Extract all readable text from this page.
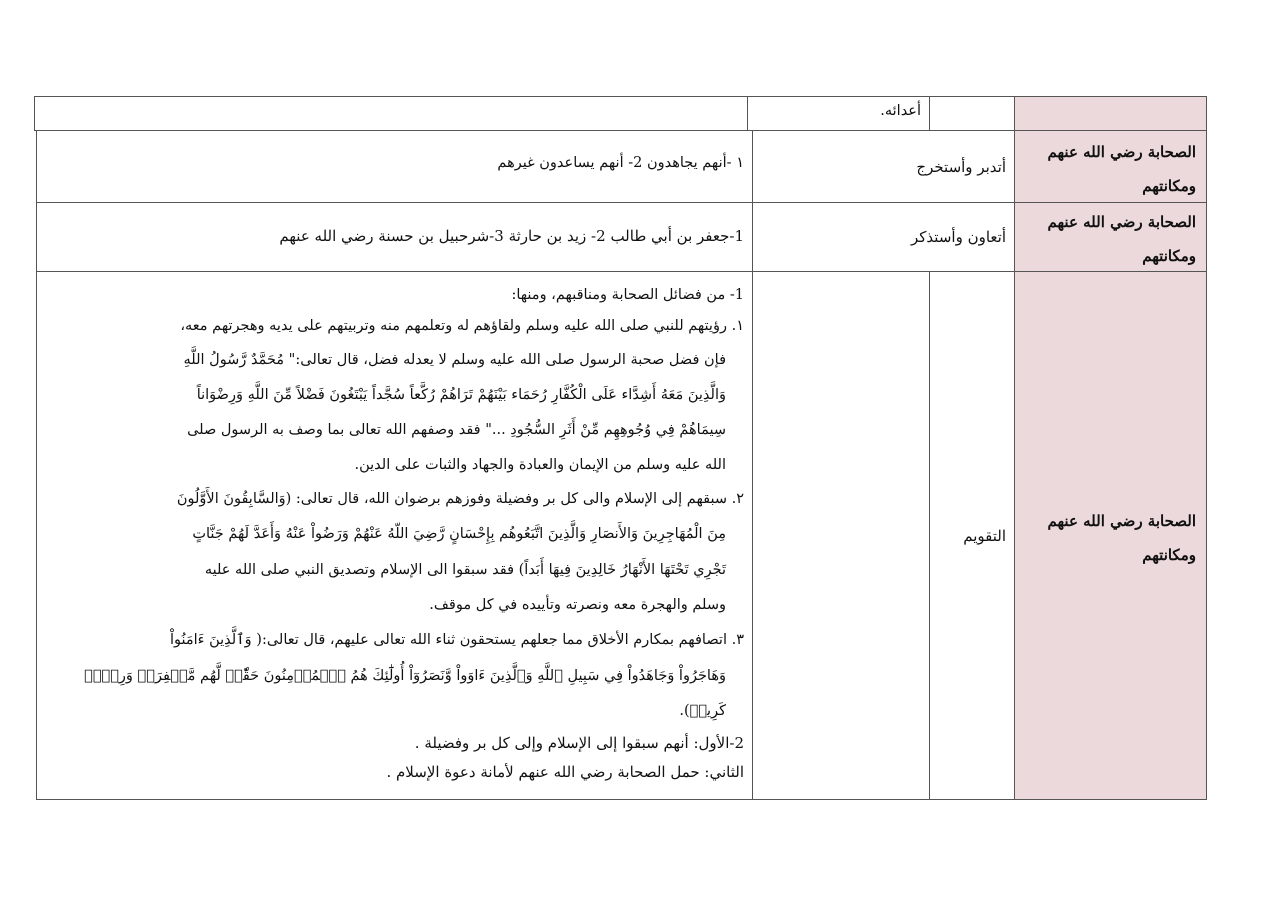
أعدائه.
الصحابة رضي الله عنهم
ومكانتهم
أتدبر وأستخرج
١ -أنهم يجاهدون 2- أنهم يساعدون غيرهم
الصحابة رضي الله عنهم
ومكانتهم
أتعاون وأستذكر
1-جعفر بن أبي طالب 2- زيد بن حارثة 3-شرحبيل بن حسنة رضي الله عنهم
الصحابة رضي الله عنهم
ومكانتهم
التقويم
1- من فضائل الصحابة ومناقبهم، ومنها:
١. رؤيتهم للنبي صلى الله عليه وسلم ولقاؤهم له وتعلمهم منه وتربيتهم على يديه وهجرتهم معه،
فإن فضل صحبة الرسول صلى الله عليه وسلم لا يعدله فضل، قال تعالى:" مُحَمَّدٌ رَّسُولُ اللَّهِ
وَالَّذِينَ مَعَهُ أَشِدَّاء عَلَى الْكُفَّارِ رُحَمَاء بَيْنَهُمْ تَرَاهُمْ رُكَّعاً سُجَّداً يَبْتَغُونَ فَضْلاً مِّنَ اللَّهِ وَرِضْوَاناً
سِيمَاهُمْ فِي وُجُوهِهِم مِّنْ أَثَرِ السُّجُودِ ..." فقد وصفهم الله تعالى بما وصف به الرسول صلى
الله عليه وسلم من الإيمان والعبادة والجهاد والثبات على الدين.
٢. سبقهم إلى الإسلام والى كل بر وفضيلة وفوزهم برضوان الله، قال تعالى: (وَالسَّابِقُونَ الأَوَّلُونَ
مِنَ الْمُهَاجِرِينَ وَالأَنصَارِ وَالَّذِينَ اتَّبَعُوهُم بِإِحْسَانٍ رَّضِيَ اللّهُ عَنْهُمْ وَرَضُواْ عَنْهُ وَأَعَدَّ لَهُمْ جَنَّاتٍ
تَجْرِي تَحْتَهَا الأَنْهَارُ خَالِدِينَ فِيهَا أَبَداً) فقد سبقوا الى الإسلام وتصديق النبي صلى الله عليه
وسلم والهجرة معه ونصرته وتأييده في كل موقف.
٣. اتصافهم بمكارم الأخلاق مما جعلهم يستحقون ثناء الله تعالى عليهم، قال تعالى:( وَٱلَّذِينَ ءَامَنُواْ
وَهَاجَرُواْ وَجَاهَدُواْ فِي سَبِيلِ ٱللَّهِ وَٱلَّذِينَ ءَاوَواْ وَّنَصَرُوٓاْ أُولَٰٓئِكَ هُمُ ٱلۡمُؤۡمِنُونَ حَقّٗاۚ لَّهُم مَّغۡفِرَةٞ وَرِزۡقٞ
كَرِيمٞ).
2-الأول: أنهم سبقوا إلى الإسلام وإلى كل بر وفضيلة .
الثاني: حمل الصحابة رضي الله عنهم لأمانة دعوة الإسلام .
